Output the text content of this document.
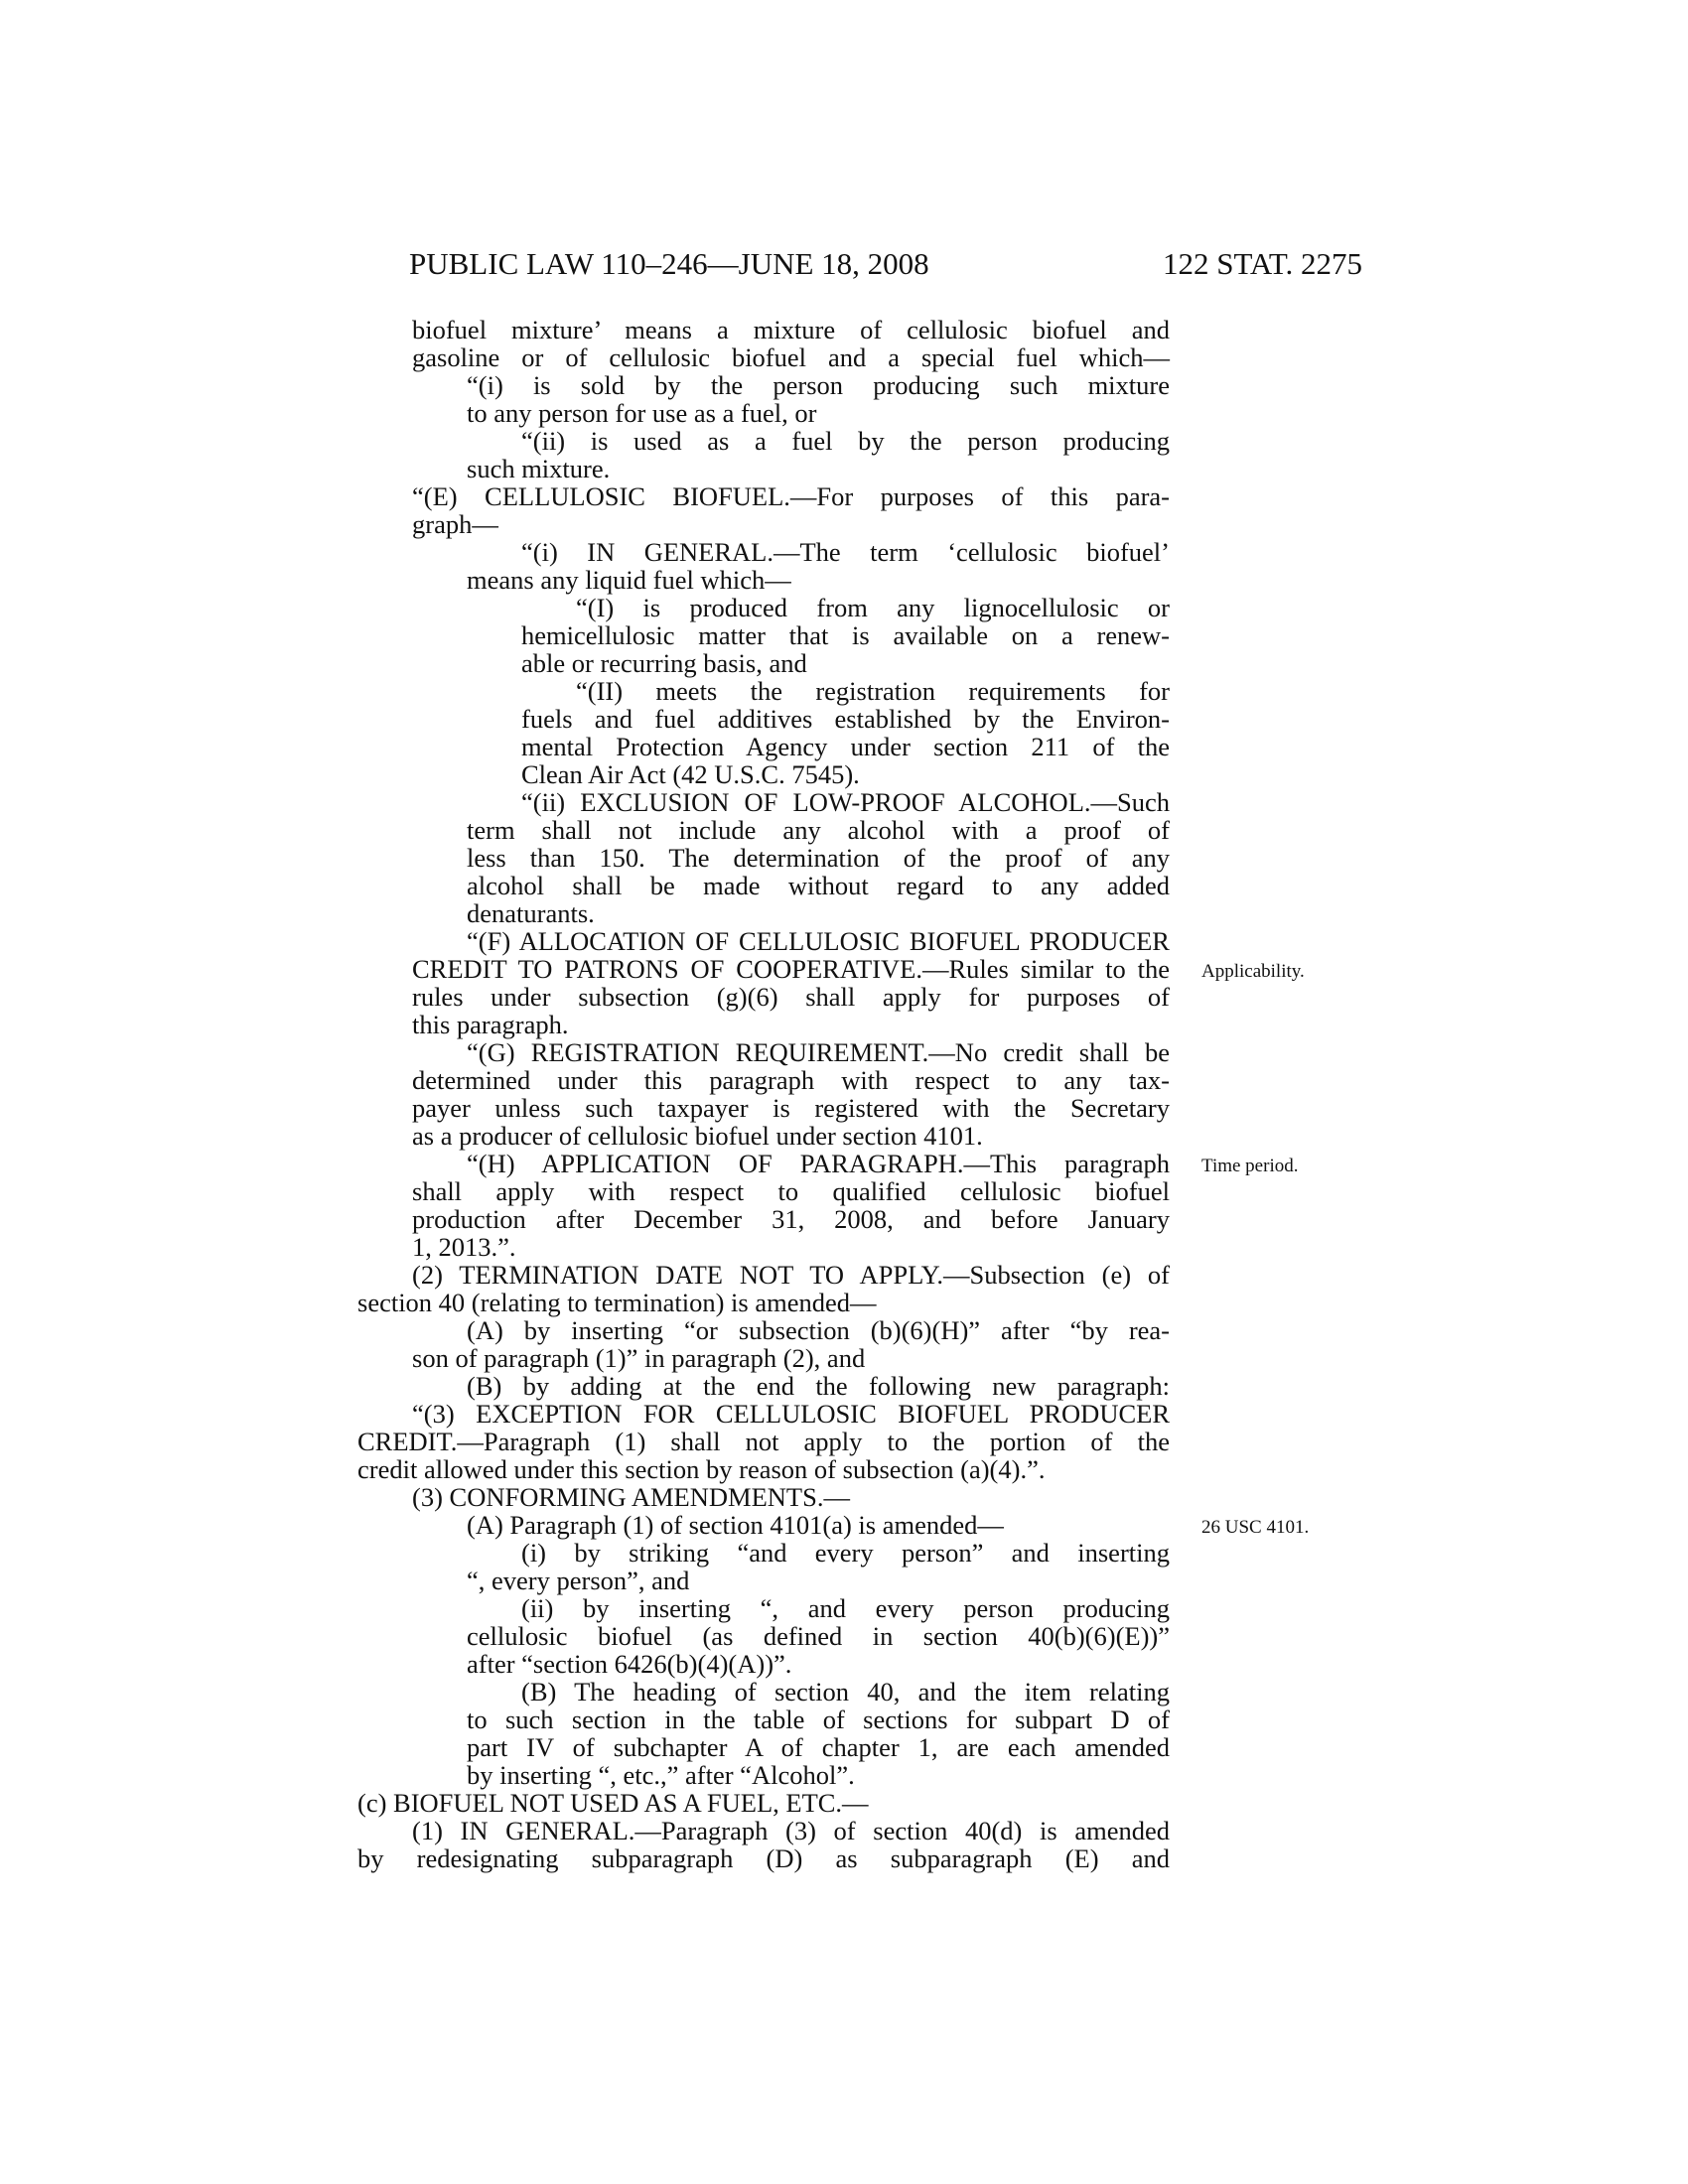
PUBLIC LAW 110–246—JUNE 18, 2008	122 STAT. 2275
biofuel mixture’ means a mixture of cellulosic biofuel and
gasoline or of cellulosic biofuel and a special fuel which—
“(i) is sold by the person producing such mixture
to any person for use as a fuel, or
“(ii) is used as a fuel by the person producing
such mixture.
“(E) CELLULOSIC BIOFUEL.—For purposes of this para-
graph—
“(i) IN GENERAL.—The term ‘cellulosic biofuel’
means any liquid fuel which—
“(I) is produced from any lignocellulosic or
hemicellulosic matter that is available on a renew-
able or recurring basis, and
“(II) meets the registration requirements for
fuels and fuel additives established by the Environ-
mental Protection Agency under section 211 of the
Clean Air Act (42 U.S.C. 7545).
“(ii) EXCLUSION OF LOW-PROOF ALCOHOL.—Such
term shall not include any alcohol with a proof of
less than 150. The determination of the proof of any
alcohol shall be made without regard to any added
denaturants.
“(F) ALLOCATION OF CELLULOSIC BIOFUEL PRODUCER
CREDIT TO PATRONS OF COOPERATIVE.—Rules similar to the
rules under subsection (g)(6) shall apply for purposes of
this paragraph.
“(G) REGISTRATION REQUIREMENT.—No credit shall be
determined under this paragraph with respect to any tax-
payer unless such taxpayer is registered with the Secretary
as a producer of cellulosic biofuel under section 4101.
“(H) APPLICATION OF PARAGRAPH.—This paragraph
shall apply with respect to qualified cellulosic biofuel
production after December 31, 2008, and before January
1, 2013.”.
(2) TERMINATION DATE NOT TO APPLY.—Subsection (e) of
section 40 (relating to termination) is amended—
(A) by inserting “or subsection (b)(6)(H)” after “by rea-
son of paragraph (1)” in paragraph (2), and
(B) by adding at the end the following new paragraph:
“(3) EXCEPTION FOR CELLULOSIC BIOFUEL PRODUCER
CREDIT.—Paragraph (1) shall not apply to the portion of the
credit allowed under this section by reason of subsection (a)(4).”.
(3) CONFORMING AMENDMENTS.—
(A) Paragraph (1) of section 4101(a) is amended—
(i) by striking “and every person” and inserting
“, every person”, and
(ii) by inserting “, and every person producing
cellulosic biofuel (as defined in section 40(b)(6)(E))”
after “section 6426(b)(4)(A))”.
(B) The heading of section 40, and the item relating
to such section in the table of sections for subpart D of
part IV of subchapter A of chapter 1, are each amended
by inserting “, etc.,” after “Alcohol”.
(c) BIOFUEL NOT USED AS A FUEL, ETC.—
(1) IN GENERAL.—Paragraph (3) of section 40(d) is amended
by redesignating subparagraph (D) as subparagraph (E) and
Applicability.
Time period.
26 USC 4101.
